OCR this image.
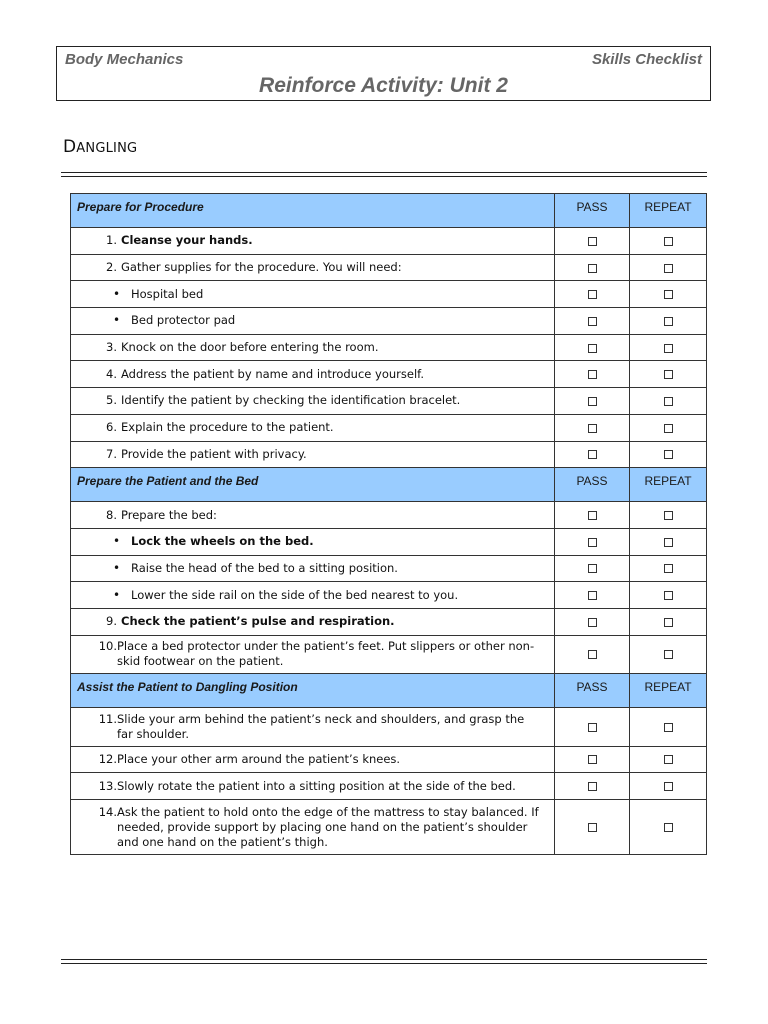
Body Mechanics	Skills Checklist
Reinforce Activity: Unit 2
DANGLING
Prepare for Procedure	PASS	REPEAT

1. Cleanse your hands.		

2. Gather supplies for the procedure. You will need:		

• Hospital bed		

• Bed protector pad		

3. Knock on the door before entering the room.		

4. Address the patient by name and introduce yourself.		

5. Identify the patient by checking the identification bracelet.		

6. Explain the procedure to the patient.		

7. Provide the patient with privacy.		

Prepare the Patient and the Bed	PASS	REPEAT

8. Prepare the bed:		

• Lock the wheels on the bed.		

• Raise the head of the bed to a sitting position.		

• Lower the side rail on the side of the bed nearest to you.		

9. Check the patient’s pulse and respiration.		

10. Place a bed protector under the patient’s feet. Put slippers or other non-skid footwear on the patient.		

Assist the Patient to Dangling Position	PASS	REPEAT

11. Slide your arm behind the patient’s neck and shoulders, and grasp the far shoulder.		

12. Place your other arm around the patient’s knees.		

13. Slowly rotate the patient into a sitting position at the side of the bed.		

14. Ask the patient to hold onto the edge of the mattress to stay balanced. If needed, provide support by placing one hand on the patient’s shoulder and one hand on the patient’s thigh.		
